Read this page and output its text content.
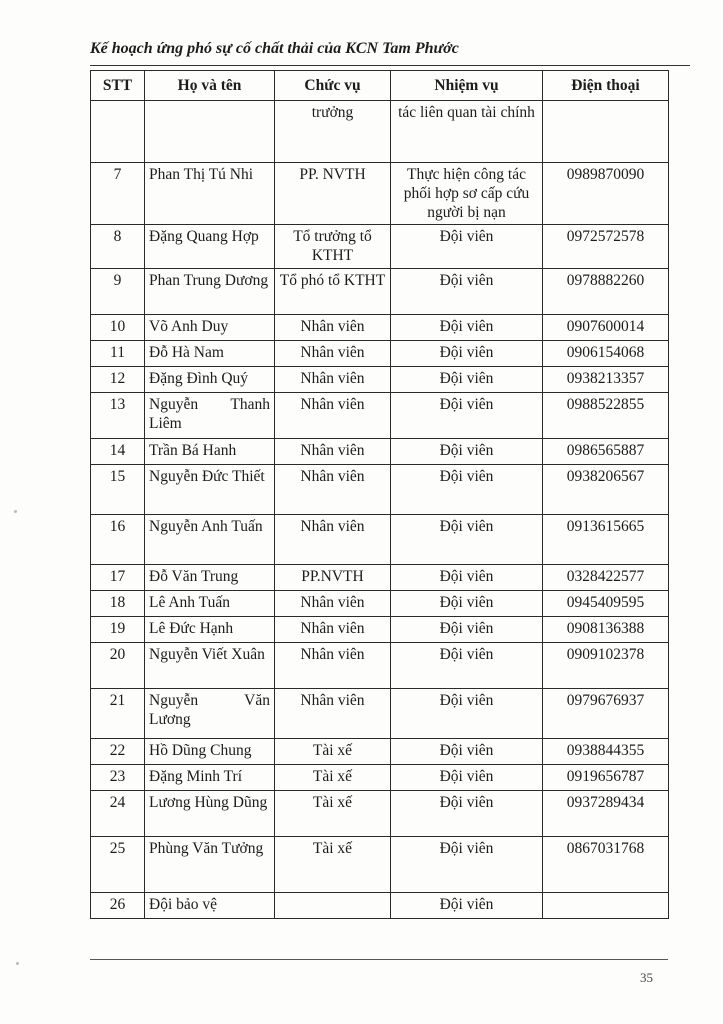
Kế hoạch ứng phó sự cố chất thải của KCN Tam Phước
STT	Họ và tên	Chức vụ	Nhiệm vụ	Điện thoại
		trưởng	tác liên quan tài chính	
7	Phan Thị Tú Nhi	PP. NVTH	Thực hiện công tác phối hợp sơ cấp cứu người bị nạn	0989870090
8	Đặng Quang Hợp	Tổ trưởng tổ KTHT	Đội viên	0972572578
9	Phan Trung Dương	Tổ phó tổ KTHT	Đội viên	0978882260
10	Võ Anh Duy	Nhân viên	Đội viên	0907600014
11	Đỗ Hà Nam	Nhân viên	Đội viên	0906154068
12	Đặng Đình Quý	Nhân viên	Đội viên	0938213357
13	Nguyễn Thanh Liêm	Nhân viên	Đội viên	0988522855
14	Trần Bá Hanh	Nhân viên	Đội viên	0986565887
15	Nguyễn Đức Thiết	Nhân viên	Đội viên	0938206567
16	Nguyễn Anh Tuấn	Nhân viên	Đội viên	0913615665
17	Đỗ Văn Trung	PP.NVTH	Đội viên	0328422577
18	Lê Anh Tuấn	Nhân viên	Đội viên	0945409595
19	Lê Đức Hạnh	Nhân viên	Đội viên	0908136388
20	Nguyễn Viết Xuân	Nhân viên	Đội viên	0909102378
21	Nguyễn Văn Lương	Nhân viên	Đội viên	0979676937
22	Hồ Dũng Chung	Tài xế	Đội viên	0938844355
23	Đặng Minh Trí	Tài xế	Đội viên	0919656787
24	Lương Hùng Dũng	Tài xế	Đội viên	0937289434
25	Phùng Văn Tưởng	Tài xế	Đội viên	0867031768
26	Đội bảo vệ		Đội viên	
35
